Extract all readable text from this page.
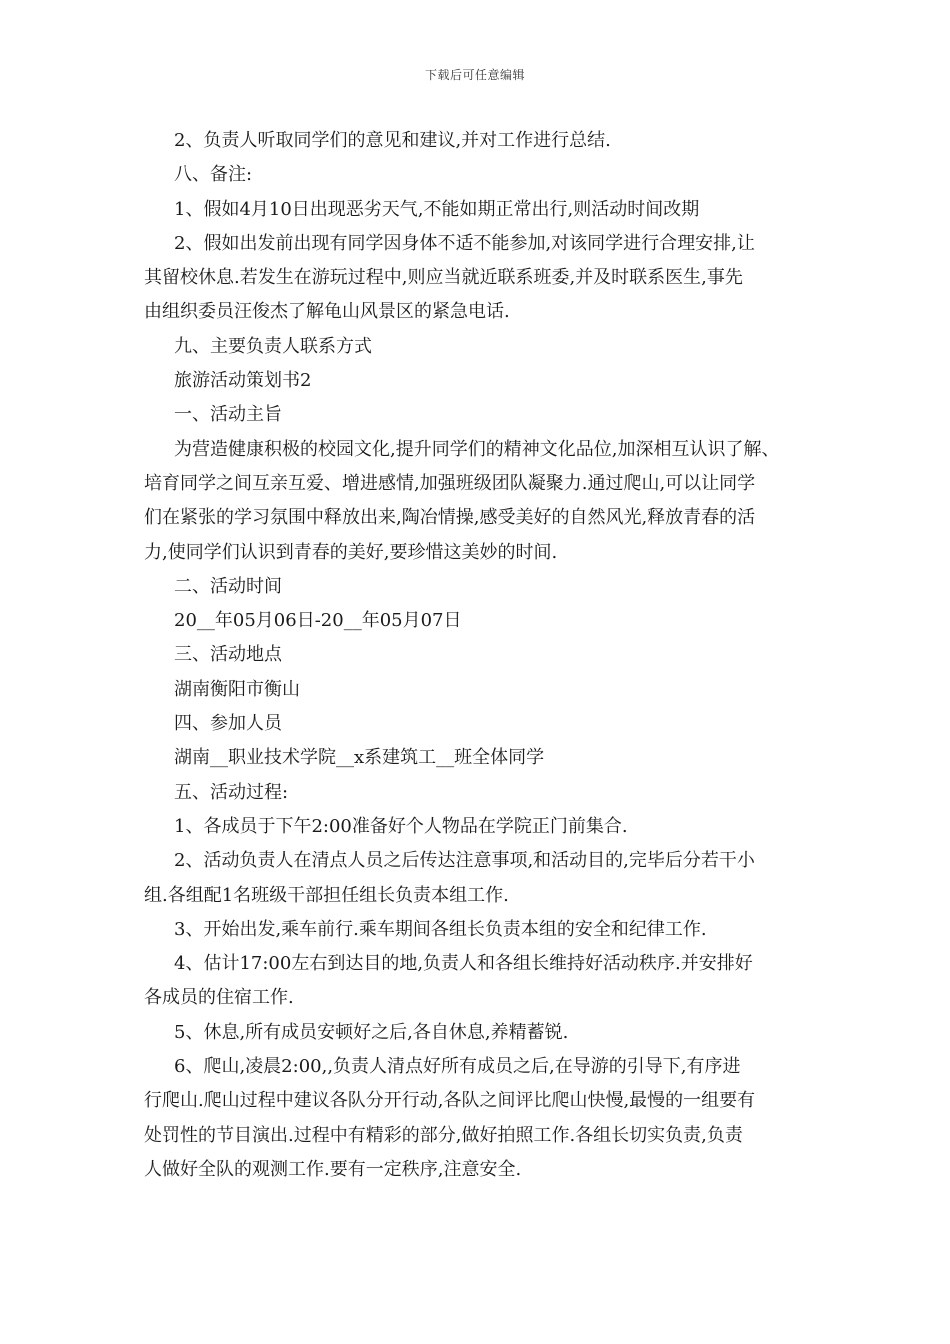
下载后可任意编辑
2、负责人听取同学们的意见和建议,并对工作进行总结.
八、备注:
1、假如4月10日出现恶劣天气,不能如期正常出行,则活动时间改期
2、假如出发前出现有同学因身体不适不能参加,对该同学进行合理安排,让
其留校休息.若发生在游玩过程中,则应当就近联系班委,并及时联系医生,事先
由组织委员汪俊杰了解龟山风景区的紧急电话.
九、主要负责人联系方式
旅游活动策划书2
一、活动主旨
为营造健康积极的校园文化,提升同学们的精神文化品位,加深相互认识了解、
培育同学之间互亲互爱、增进感情,加强班级团队凝聚力.通过爬山,可以让同学
们在紧张的学习氛围中释放出来,陶冶情操,感受美好的自然风光,释放青春的活
力,使同学们认识到青春的美好,要珍惜这美妙的时间.
二、活动时间
20__年05月06日-20__年05月07日
三、活动地点
湖南衡阳市衡山
四、参加人员
湖南__职业技术学院__x系建筑工__班全体同学
五、活动过程:
1、各成员于下午2:00准备好个人物品在学院正门前集合.
2、活动负责人在清点人员之后传达注意事项,和活动目的,完毕后分若干小
组.各组配1名班级干部担任组长负责本组工作.
3、开始出发,乘车前行.乘车期间各组长负责本组的安全和纪律工作.
4、估计17:00左右到达目的地,负责人和各组长维持好活动秩序.并安排好
各成员的住宿工作.
5、休息,所有成员安顿好之后,各自休息,养精蓄锐.
6、爬山,凌晨2:00,,负责人清点好所有成员之后,在导游的引导下,有序进
行爬山.爬山过程中建议各队分开行动,各队之间评比爬山快慢,最慢的一组要有
处罚性的节目演出.过程中有精彩的部分,做好拍照工作.各组长切实负责,负责
人做好全队的观测工作.要有一定秩序,注意安全.
